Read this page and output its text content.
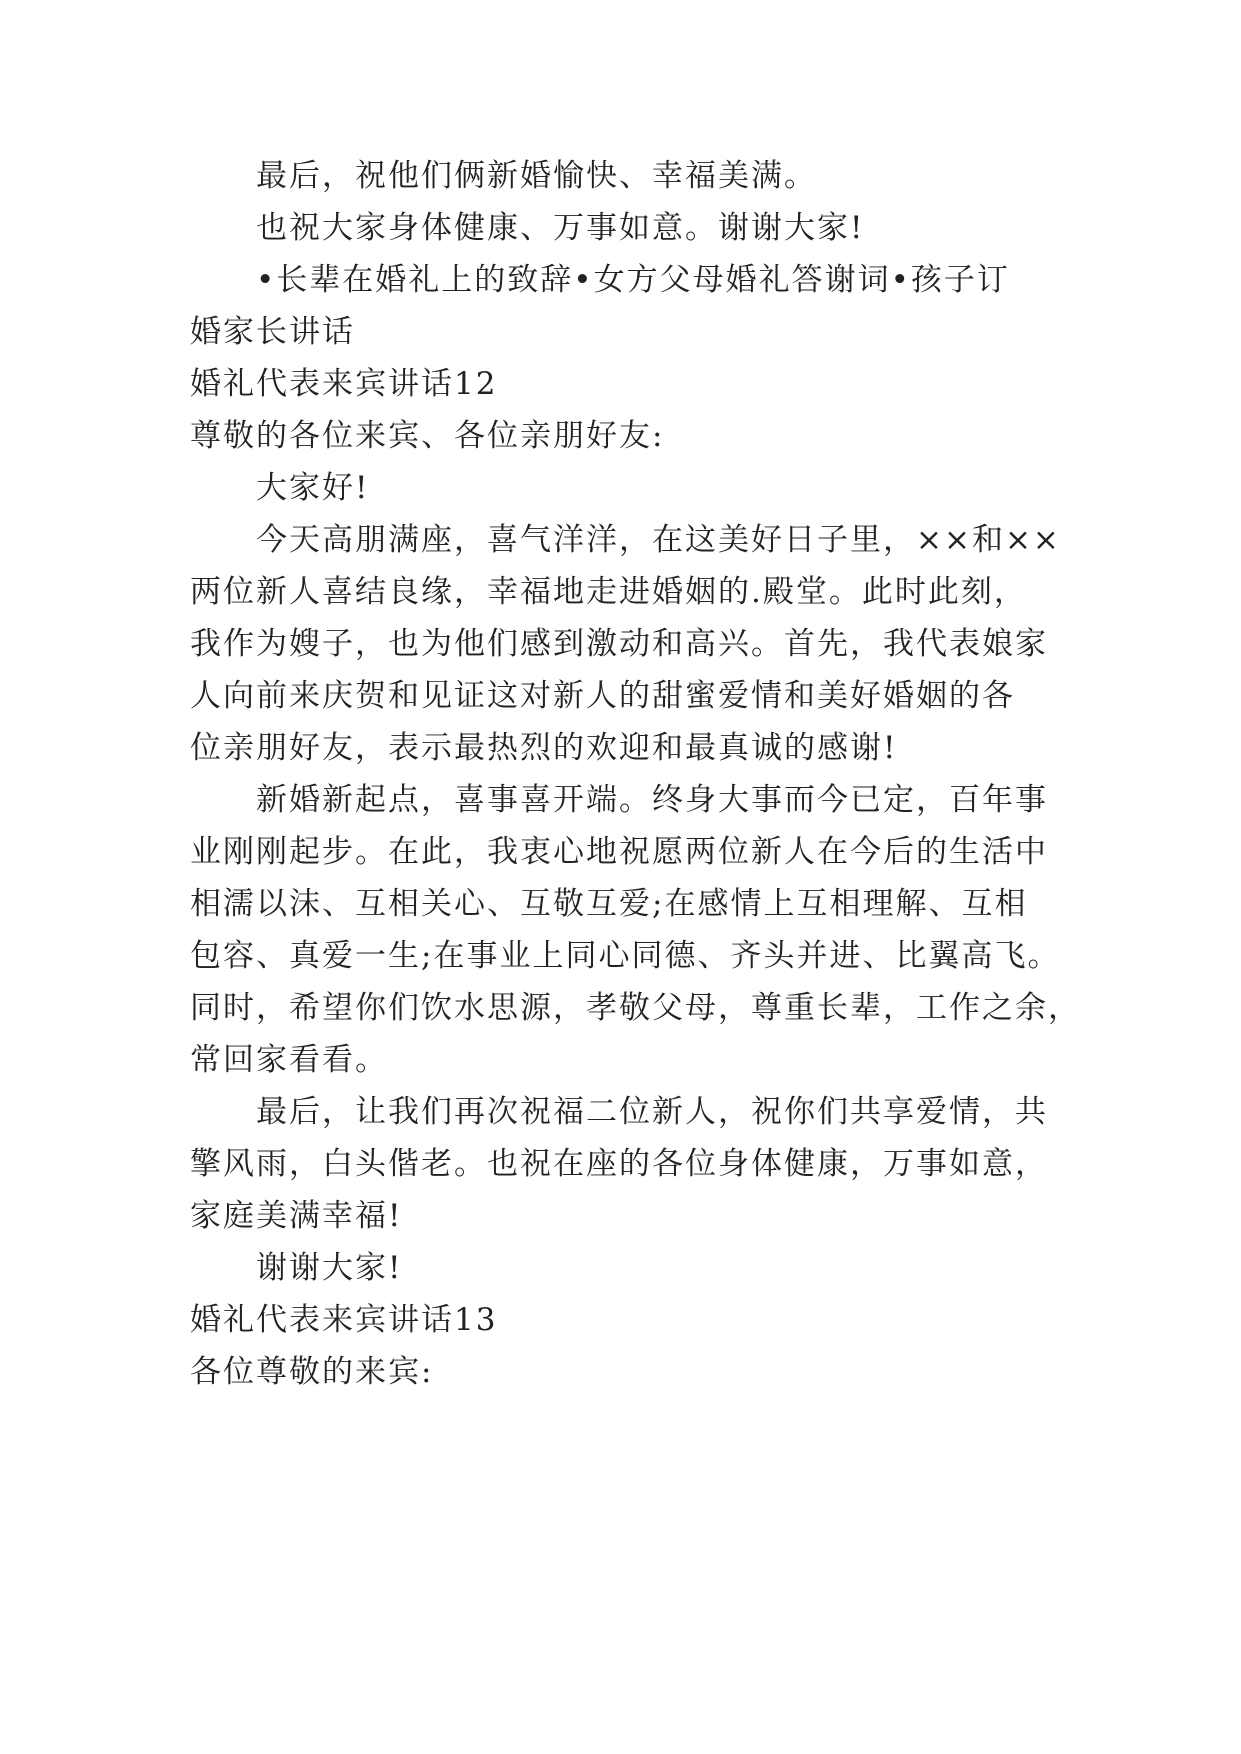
最后，祝他们俩新婚愉快、幸福美满。
也祝大家身体健康、万事如意。谢谢大家!
•长辈在婚礼上的致辞•女方父母婚礼答谢词•孩子订
婚家长讲话
婚礼代表来宾讲话12
尊敬的各位来宾、各位亲朋好友:
大家好!
今天高朋满座，喜气洋洋，在这美好日子里，××和××
两位新人喜结良缘，幸福地走进婚姻的.殿堂。此时此刻，
我作为嫂子，也为他们感到激动和高兴。首先，我代表娘家
人向前来庆贺和见证这对新人的甜蜜爱情和美好婚姻的各
位亲朋好友，表示最热烈的欢迎和最真诚的感谢!
新婚新起点，喜事喜开端。终身大事而今已定，百年事
业刚刚起步。在此，我衷心地祝愿两位新人在今后的生活中
相濡以沫、互相关心、互敬互爱;在感情上互相理解、互相
包容、真爱一生;在事业上同心同德、齐头并进、比翼高飞。
同时，希望你们饮水思源，孝敬父母，尊重长辈，工作之余，
常回家看看。
最后，让我们再次祝福二位新人，祝你们共享爱情，共
擎风雨，白头偕老。也祝在座的各位身体健康，万事如意，
家庭美满幸福!
谢谢大家!
婚礼代表来宾讲话13
各位尊敬的来宾:
